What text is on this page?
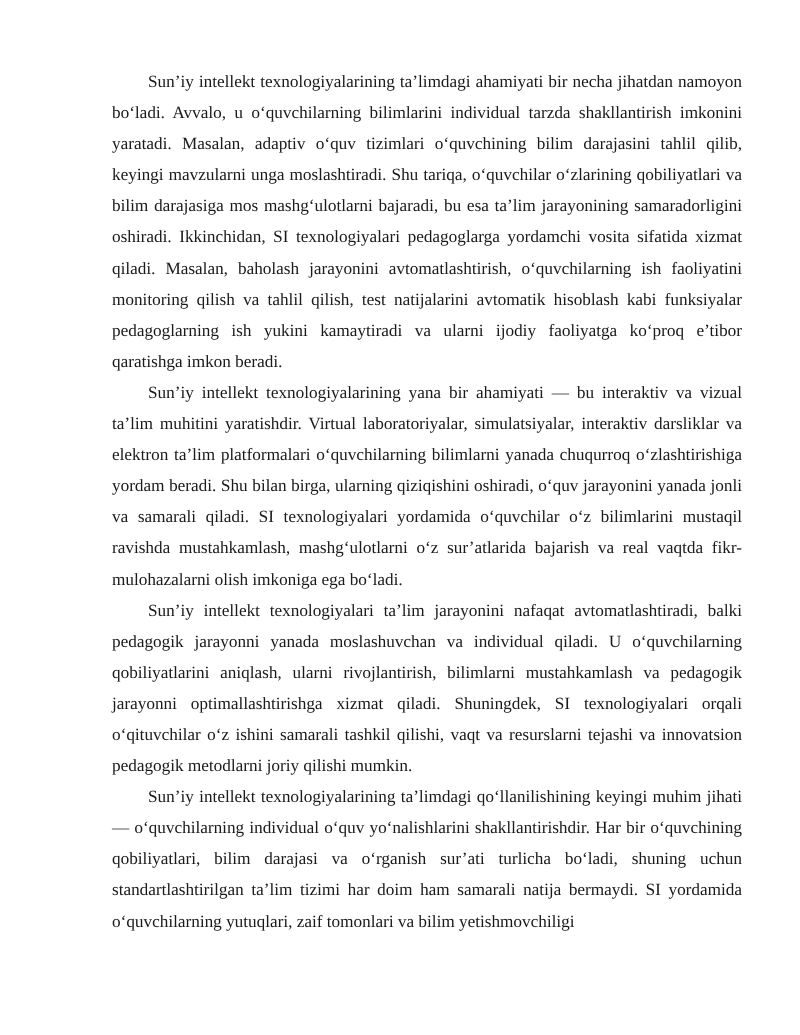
Sun’iy intellekt texnologiyalarining ta’limdagi ahamiyati bir necha jihatdan namoyon bo‘ladi. Avvalo, u o‘quvchilarning bilimlarini individual tarzda shakllantirish imkonini yaratadi. Masalan, adaptiv o‘quv tizimlari o‘quvchining bilim darajasini tahlil qilib, keyingi mavzularni unga moslashtiradi. Shu tariqa, o‘quvchilar o‘zlarining qobiliyatlari va bilim darajasiga mos mashg‘ulotlarni bajaradi, bu esa ta’lim jarayonining samaradorligini oshiradi. Ikkinchidan, SI texnologiyalari pedagoglarga yordamchi vosita sifatida xizmat qiladi. Masalan, baholash jarayonini avtomatlashtirish, o‘quvchilarning ish faoliyatini monitoring qilish va tahlil qilish, test natijalarini avtomatik hisoblash kabi funksiyalar pedagoglarning ish yukini kamaytiradi va ularni ijodiy faoliyatga ko‘proq e’tibor qaratishga imkon beradi.

Sun’iy intellekt texnologiyalarining yana bir ahamiyati — bu interaktiv va vizual ta’lim muhitini yaratishdir. Virtual laboratoriyalar, simulatsiyalar, interaktiv darsliklar va elektron ta’lim platformalari o‘quvchilarning bilimlarni yanada chuqurroq o‘zlashtirishiga yordam beradi. Shu bilan birga, ularning qiziqishini oshiradi, o‘quv jarayonini yanada jonli va samarali qiladi. SI texnologiyalari yordamida o‘quvchilar o‘z bilimlarini mustaqil ravishda mustahkamlash, mashg‘ulotlarni o‘z sur’atlarida bajarish va real vaqtda fikr-mulohazalarni olish imkoniga ega bo‘ladi.

Sun’iy intellekt texnologiyalari ta’lim jarayonini nafaqat avtomatlashtiradi, balki pedagogik jarayonni yanada moslashuvchan va individual qiladi. U o‘quvchilarning qobiliyatlarini aniqlash, ularni rivojlantirish, bilimlarni mustahkamlash va pedagogik jarayonni optimallashtirishga xizmat qiladi. Shuningdek, SI texnologiyalari orqali o‘qituvchilar o‘z ishini samarali tashkil qilishi, vaqt va resurslarni tejashi va innovatsion pedagogik metodlarni joriy qilishi mumkin.

Sun’iy intellekt texnologiyalarining ta’limdagi qo‘llanilishining keyingi muhim jihati — o‘quvchilarning individual o‘quv yo‘nalishlarini shakllantirishdir. Har bir o‘quvchining qobiliyatlari, bilim darajasi va o‘rganish sur’ati turlicha bo‘ladi, shuning uchun standartlashtirilgan ta’lim tizimi har doim ham samarali natija bermaydi. SI yordamida o‘quvchilarning yutuqlari, zaif tomonlari va bilim yetishmovchiligi
